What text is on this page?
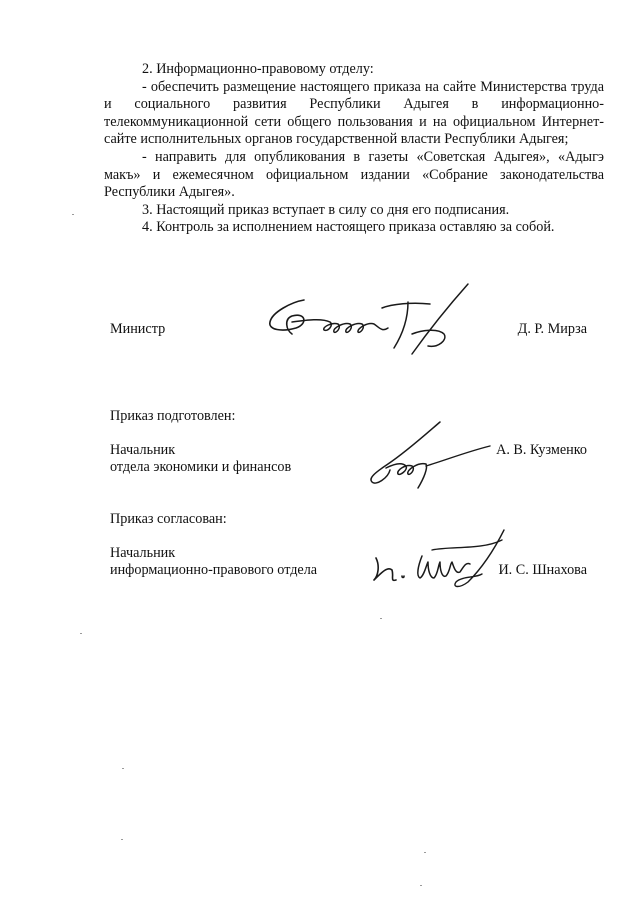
2. Информационно-правовому отделу:

- обеспечить размещение настоящего приказа на сайте Министерства труда и социального развития Республики Адыгея в информационно-телекоммуникационной сети общего пользования и на официальном Интернет-сайте исполнительных органов государственной власти Республики Адыгея;

- направить для опубликования в газеты «Советская Адыгея», «Адыгэ макъ» и ежемесячном официальном издании «Собрание законодательства Республики Адыгея».

3. Настоящий приказ вступает в силу со дня его подписания.

4. Контроль за исполнением настоящего приказа оставляю за собой.

Министр	Д. Р. Мирза
Приказ подготовлен:
Начальник
отдела экономики и финансов
А. В. Кузменко
Приказ согласован:
Начальник
информационно-правового отдела	И. С. Шнахова
